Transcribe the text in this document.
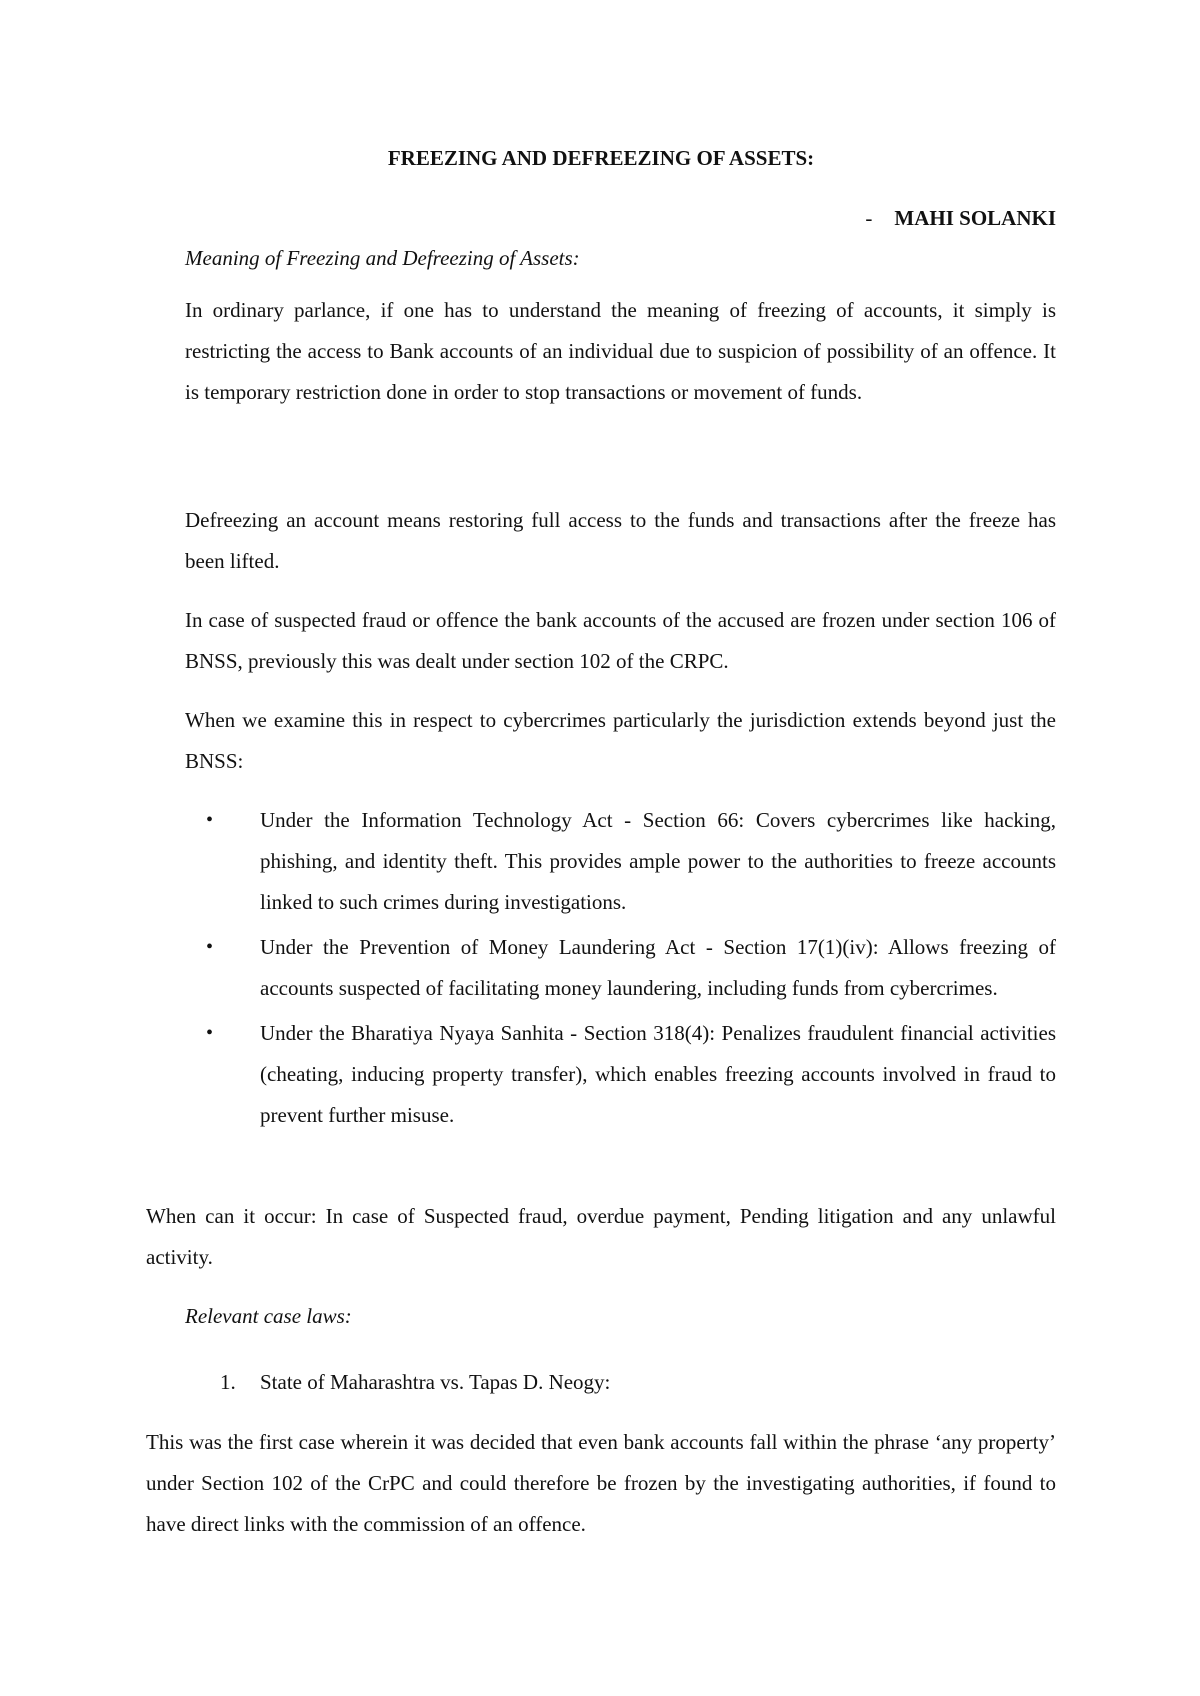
FREEZING AND DEFREEZING OF ASSETS:
- MAHI SOLANKI
Meaning of Freezing and Defreezing of Assets:

In ordinary parlance, if one has to understand the meaning of freezing of accounts, it simply is restricting the access to Bank accounts of an individual due to suspicion of possibility of an offence. It is temporary restriction done in order to stop transactions or movement of funds.

Defreezing an account means restoring full access to the funds and transactions after the freeze has been lifted.

In case of suspected fraud or offence the bank accounts of the accused are frozen under section 106 of BNSS, previously this was dealt under section 102 of the CRPC.

When we examine this in respect to cybercrimes particularly the jurisdiction extends beyond just the BNSS:

• Under the Information Technology Act - Section 66: Covers cybercrimes like hacking, phishing, and identity theft. This provides ample power to the authorities to freeze accounts linked to such crimes during investigations.
• Under the Prevention of Money Laundering Act - Section 17(1)(iv): Allows freezing of accounts suspected of facilitating money laundering, including funds from cybercrimes.
• Under the Bharatiya Nyaya Sanhita - Section 318(4): Penalizes fraudulent financial activities (cheating, inducing property transfer), which enables freezing accounts involved in fraud to prevent further misuse.

When can it occur: In case of Suspected fraud, overdue payment, Pending litigation and any unlawful activity.

Relevant case laws:
1. State of Maharashtra vs. Tapas D. Neogy:

This was the first case wherein it was decided that even bank accounts fall within the phrase ‘any property’ under Section 102 of the CrPC and could therefore be frozen by the investigating authorities, if found to have direct links with the commission of an offence.
